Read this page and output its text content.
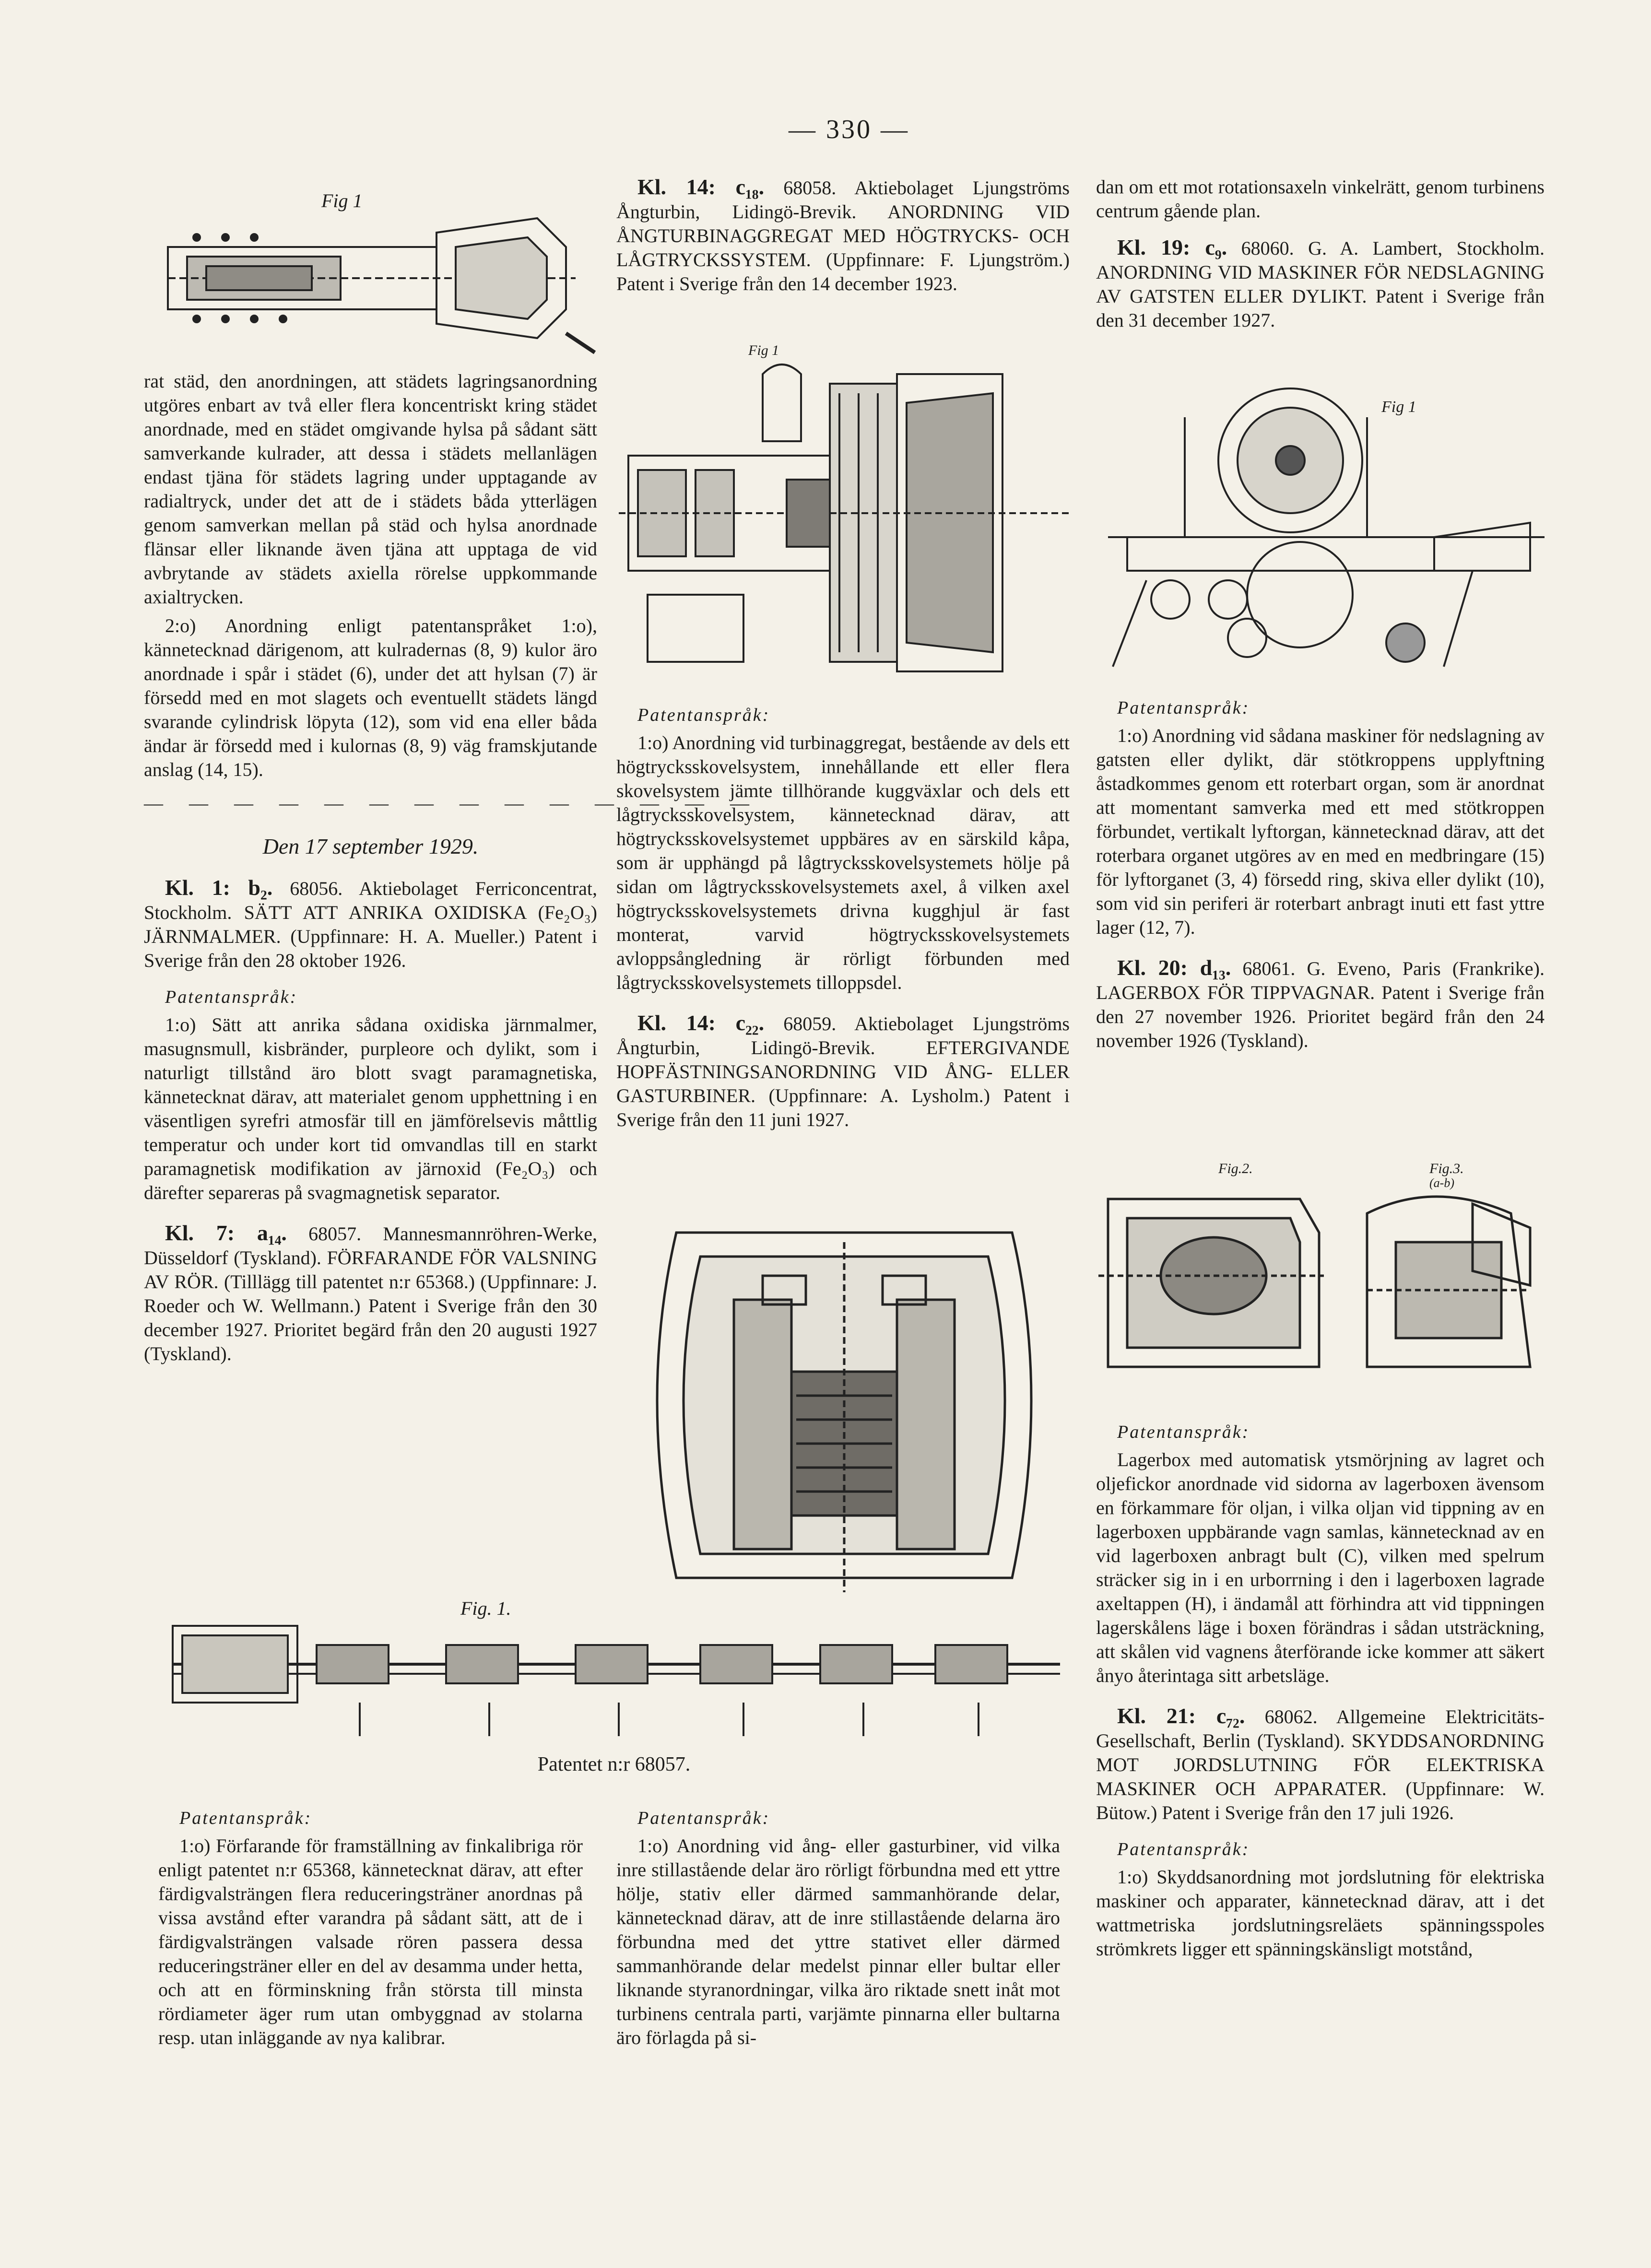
— 330 —
Fig 1

rat städ, den anordningen, att städets lagringsanordning utgöres enbart av två eller flera koncentriskt kring städet anordnade, med en städet omgivande hylsa på sådant sätt samverkande kulrader, att dessa i städets mellanlägen endast tjäna för städets lagring under upptagande av radialtryck, under det att de i städets båda ytterlägen genom samverkan mellan på städ och hylsa anordnade flänsar eller liknande även tjäna att upptaga de vid avbrytande av städets axiella rörelse uppkommande axialtrycken.

2:o) Anordning enligt patentanspråket 1:o), kännetecknad därigenom, att kulradernas (8, 9) kulor äro anordnade i spår i städet (6), under det att hylsan (7) är försedd med en mot slagets och eventuellt städets längd svarande cylindrisk löpyta (12), som vid ena eller båda ändar är försedd med i kulornas (8, 9) väg framskjutande anslag (14, 15).

— — — — — — — — — — — — — —

Den 17 september 1929.

Kl. 1: b₂. 68056. Aktiebolaget Ferriconcentrat, Stockholm. SÄTT ATT ANRIKA OXIDISKA (Fe₂O₃) JÄRNMALMER. (Uppfinnare: H. A. Mueller.) Patent i Sverige från den 28 oktober 1926.

Patentanspråk:

1:o) Sätt att anrika sådana oxidiska järnmalmer, masugnsmull, kisbränder, purpleore och dylikt, som i naturligt tillstånd äro blott svagt paramagnetiska, kännetecknat därav, att materialet genom upphettning i en väsentligen syrefri atmosfär till en jämförelsevis måttlig temperatur och under kort tid omvandlas till en starkt paramagnetisk modifikation av järnoxid (Fe₂O₃) och därefter separeras på svagmagnetisk separator.

Kl. 7: a₁₄. 68057. Mannesmannröhren-Werke, Düsseldorf (Tyskland). FÖRFARANDE FÖR VALSNING AV RÖR. (Tilllägg till patentet n:r 65368.) (Uppfinnare: J. Roeder och W. Wellmann.) Patent i Sverige från den 30 december 1927. Prioritet begärd från den 20 augusti 1927 (Tyskland).

Kl. 14: c₁₈. 68058. Aktiebolaget Ljungströms Ångturbin, Lidingö-Brevik. ANORDNING VID ÅNGTURBINAGGREGAT MED HÖGTRYCKS- OCH LÅGTRYCKSSYSTEM. (Uppfinnare: F. Ljungström.) Patent i Sverige från den 14 december 1923.

Fig 1

Patentanspråk:

1:o) Anordning vid turbinaggregat, bestående av dels ett högtrycksskovelsystem, innehållande ett eller flera skovelsystem jämte tillhörande kuggväxlar och dels ett lågtrycksskovelsystem, kännetecknad därav, att högtrycksskovelsystemet uppbäres av en särskild kåpa, som är upphängd på lågtrycksskovelsystemets hölje på sidan om lågtrycksskovelsystemets axel, å vilken axel högtrycksskovelsystemets drivna kugghjul är fast monterat, varvid högtrycksskovelsystemets avloppsångledning är rörligt förbunden med lågtrycksskovelsystemets tilloppsdel.

Kl. 14: c₂₂. 68059. Aktiebolaget Ljungströms Ångturbin, Lidingö-Brevik. EFTERGIVANDE HOPFÄSTNINGSANORDNING VID ÅNG- ELLER GASTURBINER. (Uppfinnare: A. Lysholm.) Patent i Sverige från den 11 juni 1927.

dan om ett mot rotationsaxeln vinkelrätt, genom turbinens centrum gående plan.

Kl. 19: c₉. 68060. G. A. Lambert, Stockholm. ANORDNING VID MASKINER FÖR NEDSLAGNING AV GATSTEN ELLER DYLIKT. Patent i Sverige från den 31 december 1927.

Fig 1

Patentanspråk:

1:o) Anordning vid sådana maskiner för nedslagning av gatsten eller dylikt, där stötkroppens upplyftning åstadkommes genom ett roterbart organ, som är anordnat att momentant samverka med ett med stötkroppen förbundet, vertikalt lyftorgan, kännetecknad därav, att det roterbara organet utgöres av en med en medbringare (15) för lyftorganet (3, 4) försedd ring, skiva eller dylikt (10), som vid sin periferi är roterbart anbragt inuti ett fast yttre lager (12, 7).

Kl. 20: d₁₃. 68061. G. Eveno, Paris (Frankrike). LAGERBOX FÖR TIPPVAGNAR. Patent i Sverige från den 27 november 1926. Prioritet begärd från den 24 november 1926 (Tyskland).

Fig.2.	Fig.3.
(a-b)

Patentanspråk:

Lagerbox med automatisk ytsmörjning av lagret och oljefickor anordnade vid sidorna av lagerboxen ävensom en förkammare för oljan, i vilka oljan vid tippning av en lagerboxen uppbärande vagn samlas, kännetecknad av en vid lagerboxen anbragt bult (C), vilken med spelrum sträcker sig in i en urborrning i den i lagerboxen lagrade axeltappen (H), i ändamål att förhindra att vid tippningen lagerskålens läge i boxen förändras i sådan utsträckning, att skålen vid vagnens återförande icke kommer att säkert ånyo återintaga sitt arbetsläge.

Kl. 21: c₇₂. 68062. Allgemeine Elektricitäts-Gesellschaft, Berlin (Tyskland). SKYDDSANORDNING MOT JORDSLUTNING FÖR ELEKTRISKA MASKINER OCH APPARATER. (Uppfinnare: W. Bütow.) Patent i Sverige från den 17 juli 1926.

Patentanspråk:

1:o) Skyddsanordning mot jordslutning för elektriska maskiner och apparater, kännetecknad därav, att i det wattmetriska jordslutningsreläets spänningsspoles strömkrets ligger ett spänningskänsligt motstånd,

Fig. 1.
Patentet n:r 68057.

Patentanspråk:

1:o) Förfarande för framställning av finkalibriga rör enligt patentet n:r 65368, kännetecknat därav, att efter färdigvalsträngen flera reduceringsträner anordnas på vissa avstånd efter varandra på sådant sätt, att de i färdigvalsträngen valsade rören passera dessa reduceringsträner eller en del av desamma under hetta, och att en förminskning från största till minsta rördiameter äger rum utan ombyggnad av stolarna resp. utan inläggande av nya kalibrar.

Patentanspråk:

1:o) Anordning vid ång- eller gasturbiner, vid vilka inre stillastående delar äro rörligt förbundna med ett yttre hölje, stativ eller därmed sammanhörande delar, kännetecknad därav, att de inre stillastående delarna äro förbundna med det yttre stativet eller därmed sammanhörande delar medelst pinnar eller bultar eller liknande styranordningar, vilka äro riktade snett inåt mot turbinens centrala parti, varjämte pinnarna eller bultarna äro förlagda på si-
